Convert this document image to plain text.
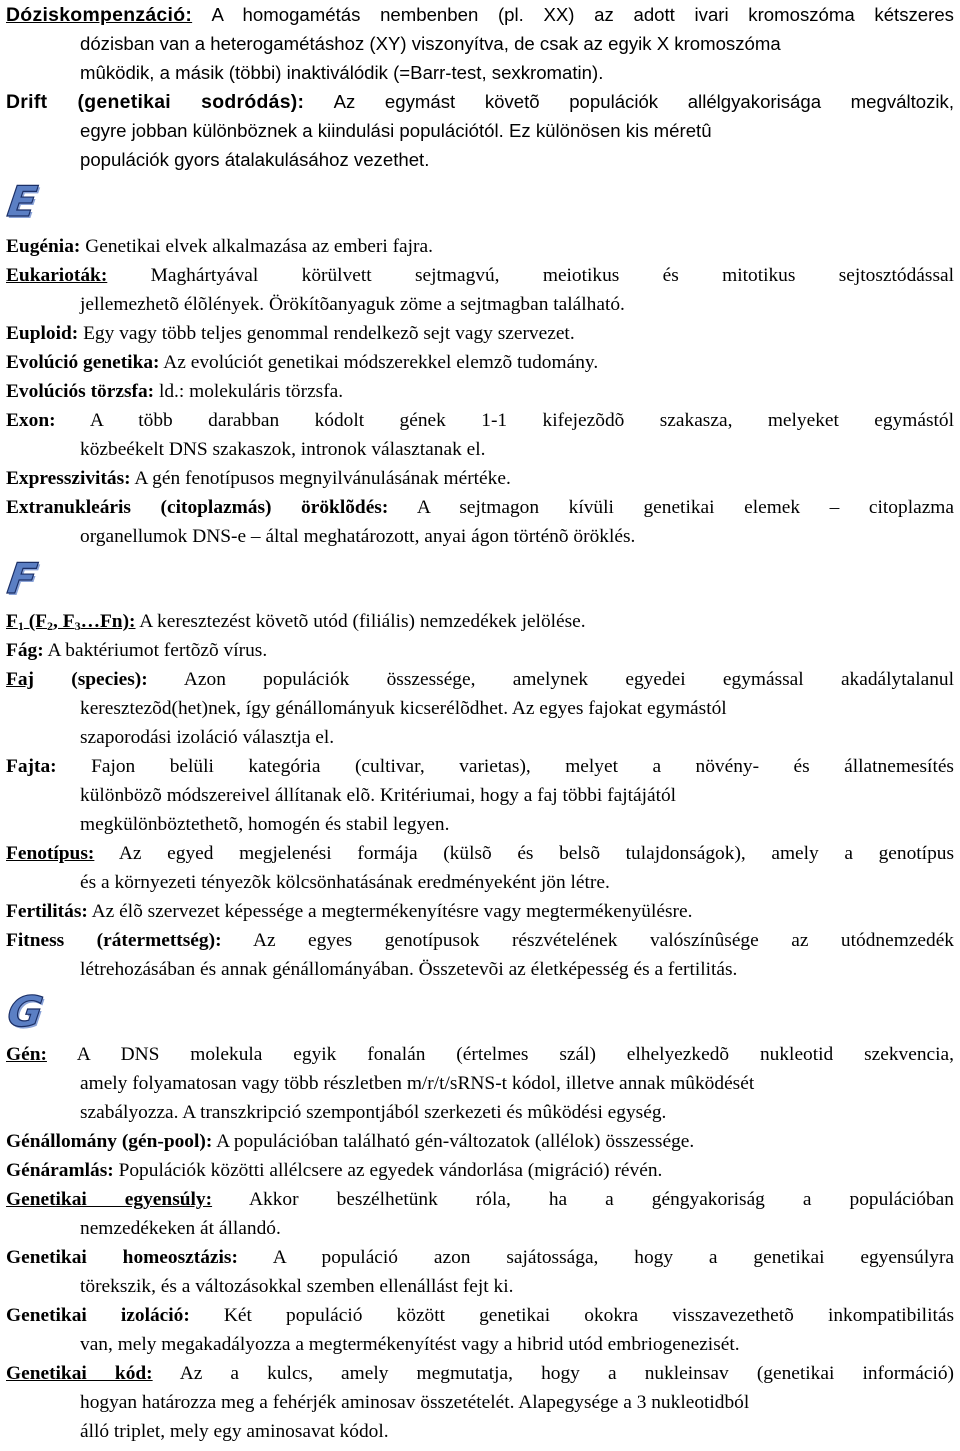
Dóziskompenzáció: A homogamétás nembenben (pl. XX) az adott ivari kromoszóma kétszeres
dózisban van a heterogamétáshoz (XY) viszonyítva, de csak az egyik X kromoszóma
mûködik, a másik (többi) inaktiválódik (=Barr-test, sexkromatin).
Drift (genetikai sodródás): Az egymást követõ populációk allélgyakorisága megváltozik,
egyre jobban különböznek a kiindulási populációtól. Ez különösen kis méretû
populációk gyors átalakulásához vezethet.
E
Eugénia: Genetikai elvek alkalmazása az emberi fajra.
Eukarioták: Maghártyával körülvett sejtmagvú, meiotikus és mitotikus sejtosztódással
jellemezhetõ élõlények. Örökítõanyaguk zöme a sejtmagban található.
Euploid: Egy vagy több teljes genommal rendelkezõ sejt vagy szervezet.
Evolúció genetika: Az evolúciót genetikai módszerekkel elemzõ tudomány.
Evolúciós törzsfa: ld.: molekuláris törzsfa.
Exon: A több darabban kódolt gének 1-1 kifejezõdõ szakasza, melyeket egymástól
közbeékelt DNS szakaszok, intronok választanak el.
Expresszivitás: A gén fenotípusos megnyilvánulásának mértéke.
Extranukleáris (citoplazmás) öröklõdés: A sejtmagon kívüli genetikai elemek – citoplazma
organellumok DNS-e – által meghatározott, anyai ágon történõ öröklés.
F
$F_1$ ($F_2$, $F_3\dots Fn$): A keresztezést követõ utód (filiális) nemzedékek jelölése.
Fág: A baktériumot fertõzõ vírus.
Faj (species): Azon populációk összessége, amelynek egyedei egymással akadálytalanul
keresztezõd(het)nek, így génállományuk kicserélõdhet. Az egyes fajokat egymástól
szaporodási izoláció választja el.
Fajta: Fajon belüli kategória (cultivar, varietas), melyet a növény- és állatnemesítés
különbözõ módszereivel állítanak elõ. Kritériumai, hogy a faj többi fajtájától
megkülönböztethetõ, homogén és stabil legyen.
Fenotípus: Az egyed megjelenési formája (külsõ és belsõ tulajdonságok), amely a genotípus
és a környezeti tényezõk kölcsönhatásának eredményeként jön létre.
Fertilitás: Az élõ szervezet képessége a megtermékenyítésre vagy megtermékenyülésre.
Fitness (rátermettség): Az egyes genotípusok részvételének valószínûsége az utódnemzedék
létrehozásában és annak génállományában. Összetevõi az életképesség és a fertilitás.
G
Gén: A DNS molekula egyik fonalán (értelmes szál) elhelyezkedõ nukleotid szekvencia,
amely folyamatosan vagy több részletben m/r/t/sRNS-t kódol, illetve annak mûködését
szabályozza. A transzkripció szempontjából szerkezeti és mûködési egység.
Génállomány (gén-pool): A populációban található gén-változatok (allélok) összessége.
Génáramlás: Populációk közötti allélcsere az egyedek vándorlása (migráció) révén.
Genetikai egyensúly: Akkor beszélhetünk róla, ha a géngyakoriság a populációban
nemzedékeken át állandó.
Genetikai homeosztázis: A populáció azon sajátossága, hogy a genetikai egyensúlyra
törekszik, és a változásokkal szemben ellenállást fejt ki.
Genetikai izoláció: Két populáció között genetikai okokra visszavezethetõ inkompatibilitás
van, mely megakadályozza a megtermékenyítést vagy a hibrid utód embriogenezisét.
Genetikai kód: Az a kulcs, amely megmutatja, hogy a nukleinsav (genetikai információ)
hogyan határozza meg a fehérjék aminosav összetételét. Alapegysége a 3 nukleotidból
álló triplet, mely egy aminosavat kódol.
